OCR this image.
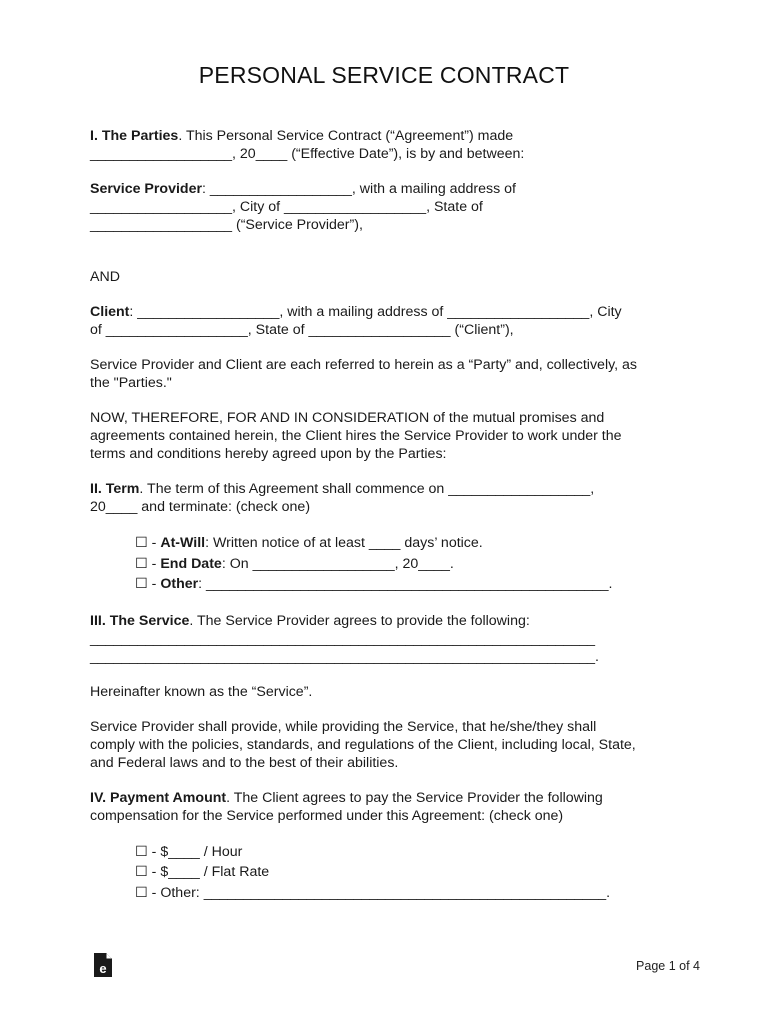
PERSONAL SERVICE CONTRACT

I. The Parties. This Personal Service Contract (“Agreement”) made
__________________, 20____ (“Effective Date”), is by and between:

Service Provider: __________________, with a mailing address of
__________________, City of __________________, State of
__________________ (“Service Provider”),

AND

Client: __________________, with a mailing address of __________________, City
of __________________, State of __________________ (“Client”),

Service Provider and Client are each referred to herein as a “Party” and, collectively, as
the "Parties."

NOW, THEREFORE, FOR AND IN CONSIDERATION of the mutual promises and
agreements contained herein, the Client hires the Service Provider to work under the
terms and conditions hereby agreed upon by the Parties:

II. Term. The term of this Agreement shall commence on __________________,
20____ and terminate: (check one)

☐ - At-Will: Written notice of at least ____ days’ notice.
☐ - End Date: On __________________, 20____.
☐ - Other: ___________________________________________________.

III. The Service. The Service Provider agrees to provide the following:
________________________________________________________________
________________________________________________________________.

Hereinafter known as the “Service”.

Service Provider shall provide, while providing the Service, that he/she/they shall
comply with the policies, standards, and regulations of the Client, including local, State,
and Federal laws and to the best of their abilities.

IV. Payment Amount. The Client agrees to pay the Service Provider the following
compensation for the Service performed under this Agreement: (check one)

☐ - $____ / Hour
☐ - $____ / Flat Rate
☐ - Other: ___________________________________________________.
e	Page 1 of 4
